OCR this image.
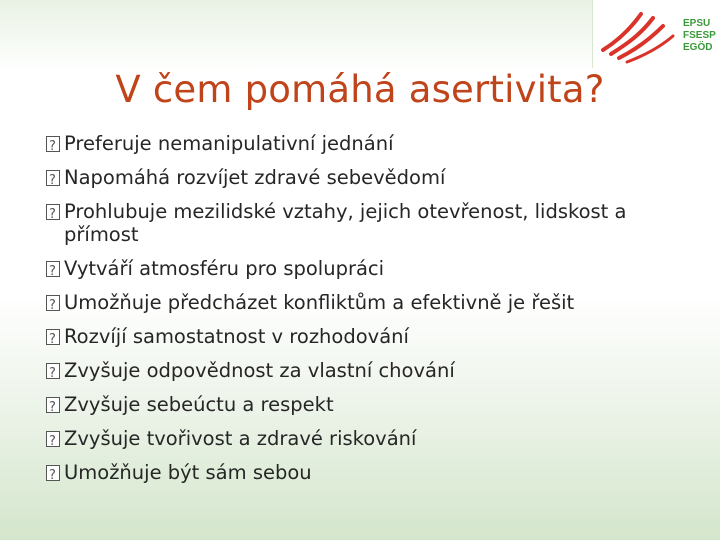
EPSU
FSESP
EGÖD
V čem pomáhá asertivita?
?
Preferuje nemanipulativní jednání
?
Napomáhá rozvíjet zdravé sebevědomí
?
Prohlubuje mezilidské vztahy, jejich otevřenost, lidskost a přímost
?
Vytváří atmosféru pro spolupráci
?
Umožňuje předcházet konfliktům a efektivně je řešit
?
Rozvíjí samostatnost v rozhodování
?
Zvyšuje odpovědnost za vlastní chování
?
Zvyšuje sebeúctu a respekt
?
Zvyšuje tvořivost a zdravé riskování
?
Umožňuje být sám sebou
